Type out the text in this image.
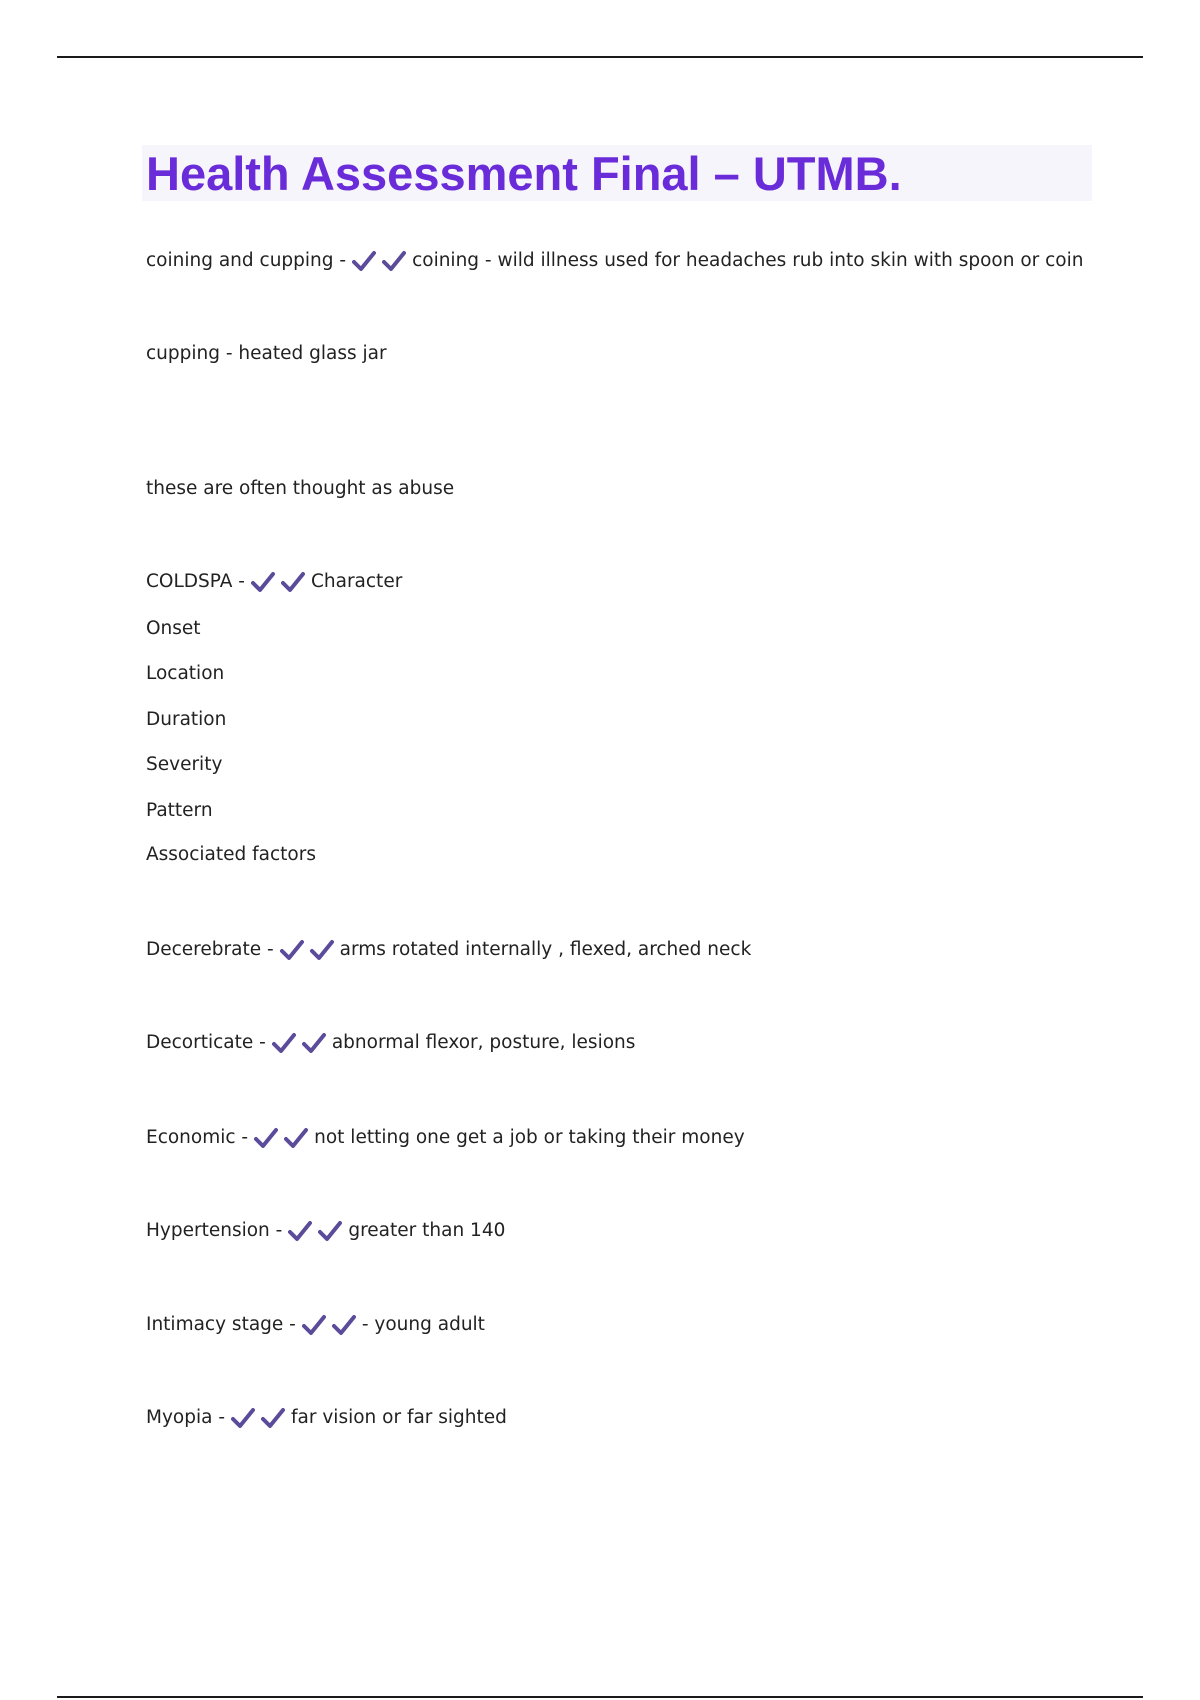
Health Assessment Final – UTMB.
coining and cupping -	coining - wild illness used for headaches rub into skin with spoon or coin
cupping - heated glass jar
these are often thought as abuse
COLDSPA -	Character
Onset
Location
Duration
Severity
Pattern
Associated factors
Decerebrate -	arms rotated internally , flexed, arched neck
Decorticate -	abnormal flexor, posture, lesions
Economic -	not letting one get a job or taking their money
Hypertension -	greater than 140
Intimacy stage -	- young adult
Myopia -	far vision or far sighted
